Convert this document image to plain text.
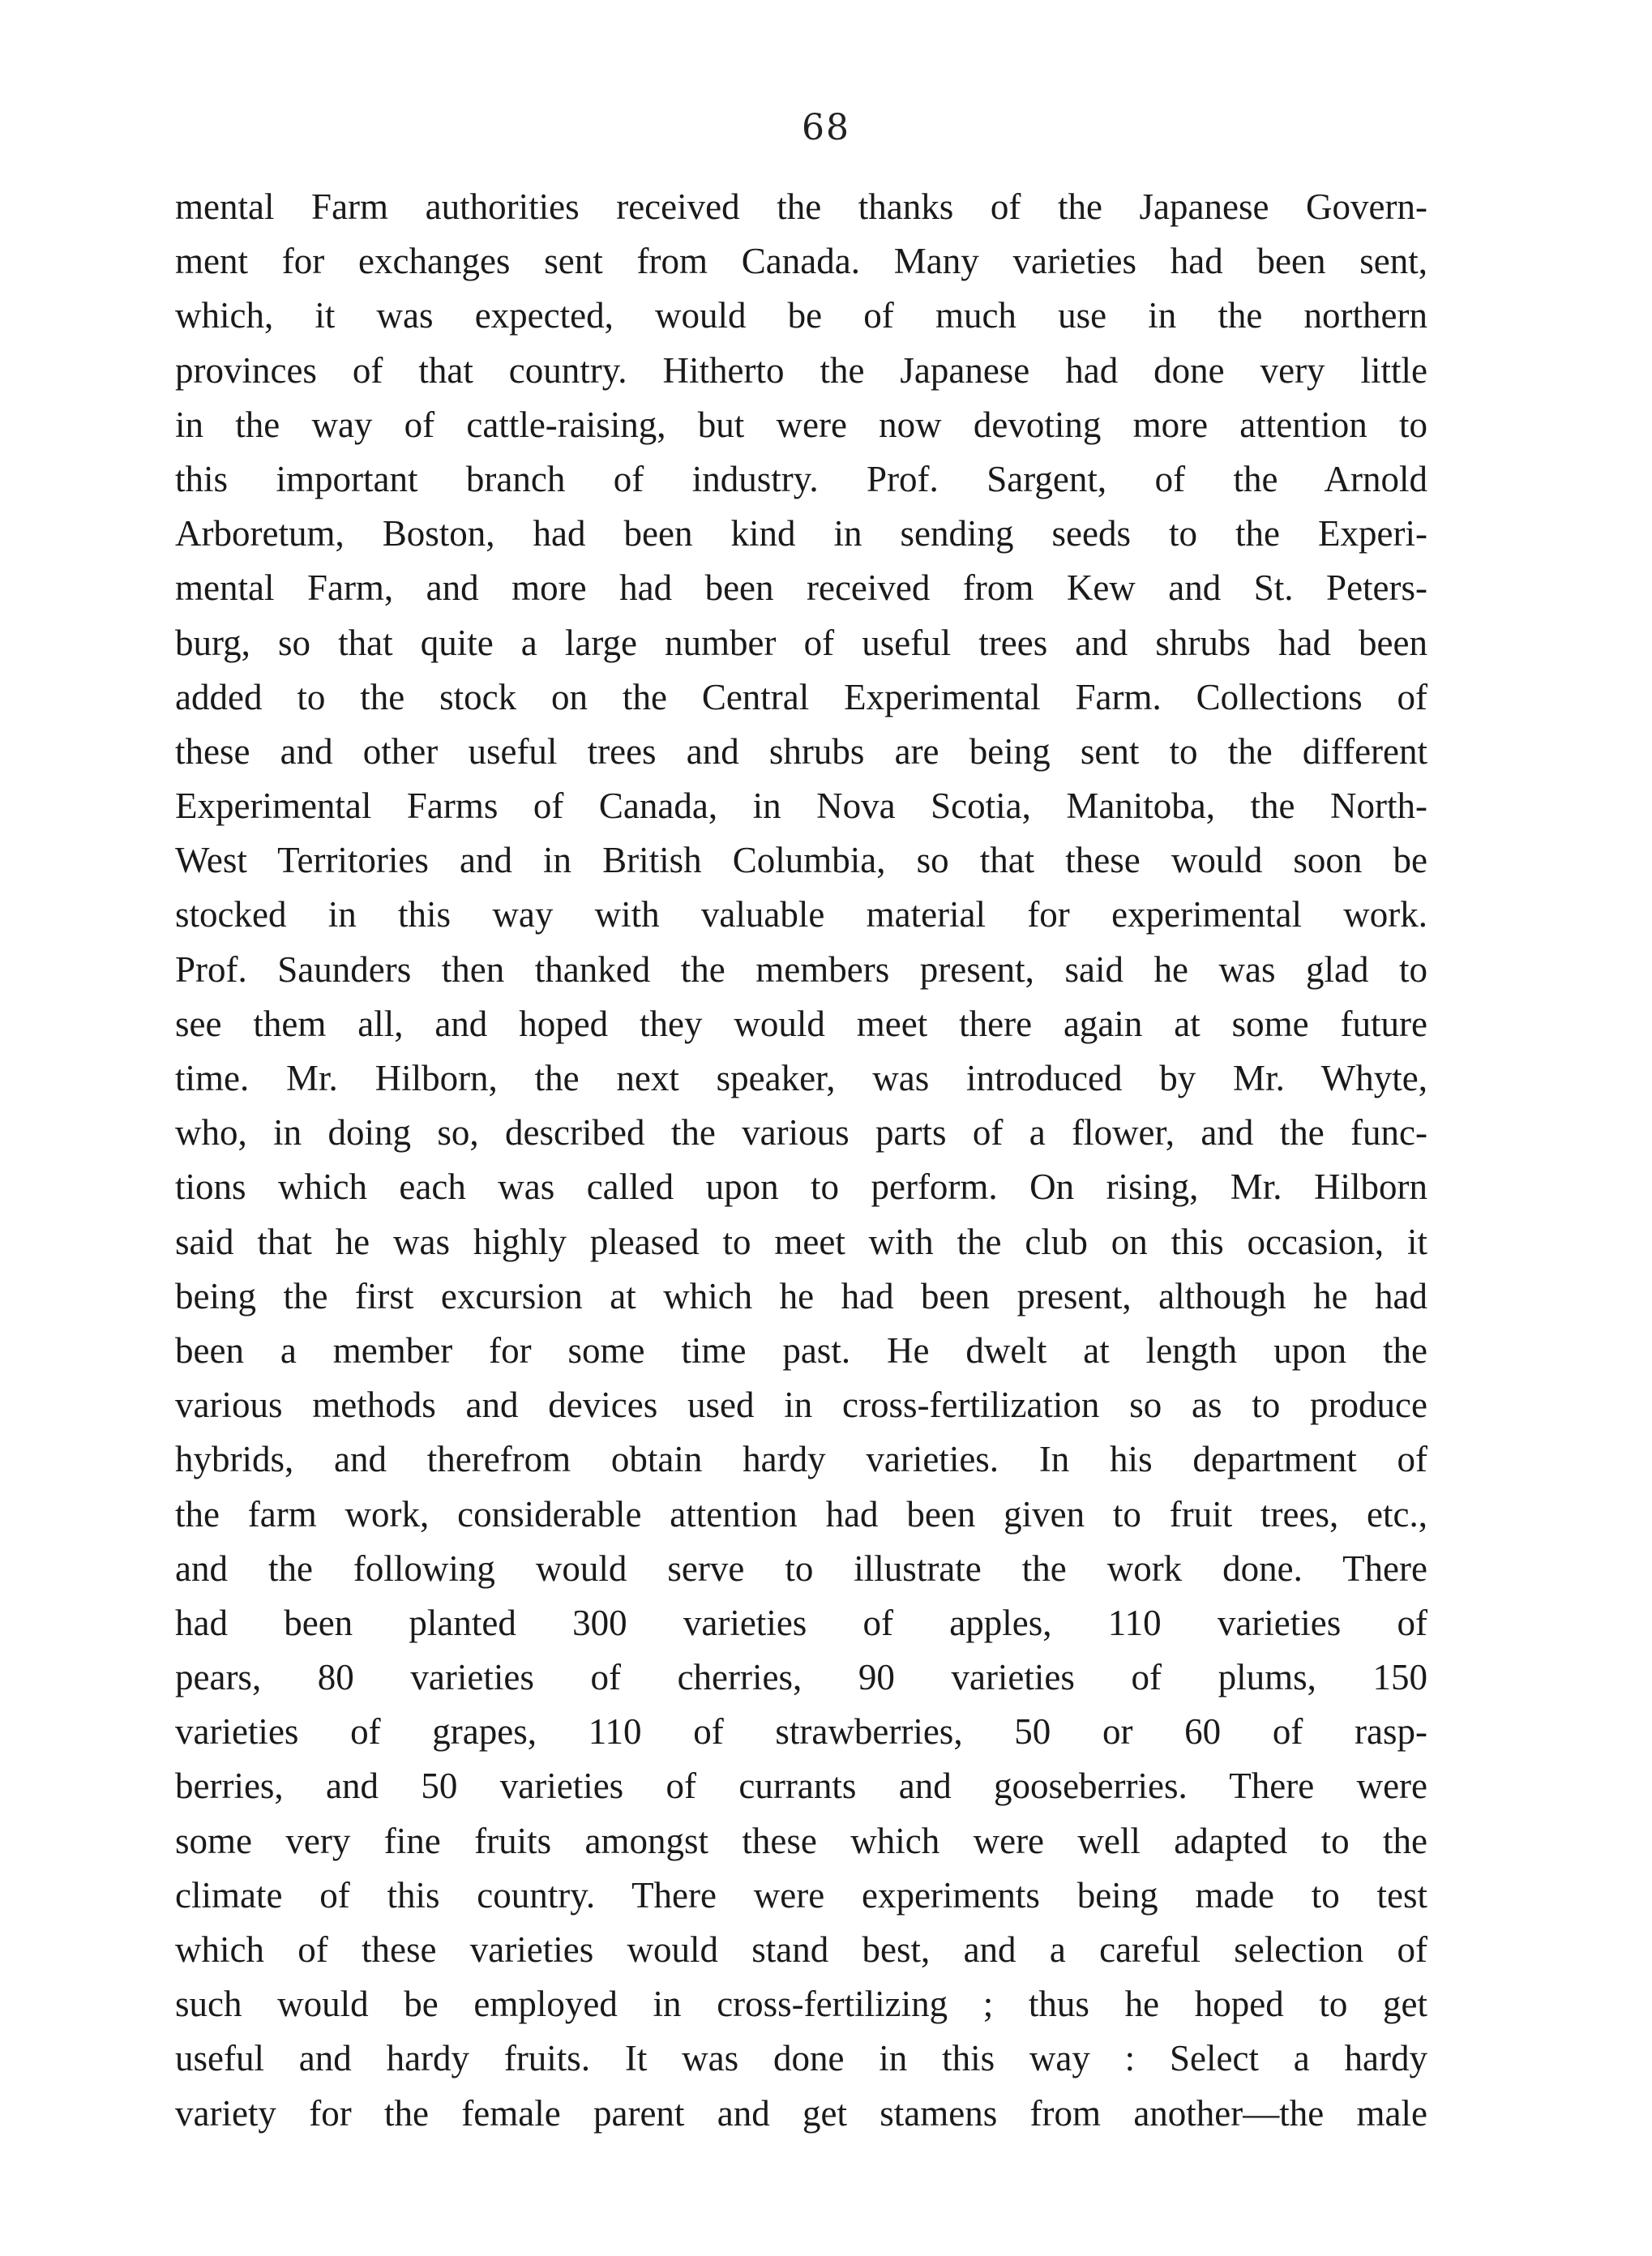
68
mental Farm authorities received the thanks of the Japanese Govern-
ment for exchanges sent from Canada. Many varieties had been sent,
which, it was expected, would be of much use in the northern
provinces of that country. Hitherto the Japanese had done very little
in the way of cattle-raising, but were now devoting more attention to
this important branch of industry. Prof. Sargent, of the Arnold
Arboretum, Boston, had been kind in sending seeds to the Experi-
mental Farm, and more had been received from Kew and St. Peters-
burg, so that quite a large number of useful trees and shrubs had been
added to the stock on the Central Experimental Farm. Collections of
these and other useful trees and shrubs are being sent to the different
Experimental Farms of Canada, in Nova Scotia, Manitoba, the North-
West Territories and in British Columbia, so that these would soon be
stocked in this way with valuable material for experimental work.
Prof. Saunders then thanked the members present, said he was glad to
see them all, and hoped they would meet there again at some future
time. Mr. Hilborn, the next speaker, was introduced by Mr. Whyte,
who, in doing so, described the various parts of a flower, and the func-
tions which each was called upon to perform. On rising, Mr. Hilborn
said that he was highly pleased to meet with the club on this occasion, it
being the first excursion at which he had been present, although he had
been a member for some time past. He dwelt at length upon the
various methods and devices used in cross-fertilization so as to produce
hybrids, and therefrom obtain hardy varieties. In his department of
the farm work, considerable attention had been given to fruit trees, etc.,
and the following would serve to illustrate the work done. There
had been planted 300 varieties of apples, 110 varieties of
pears, 80 varieties of cherries, 90 varieties of plums, 150
varieties of grapes, 110 of strawberries, 50 or 60 of rasp-
berries, and 50 varieties of currants and gooseberries. There were
some very fine fruits amongst these which were well adapted to the
climate of this country. There were experiments being made to test
which of these varieties would stand best, and a careful selection of
such would be employed in cross-fertilizing ; thus he hoped to get
useful and hardy fruits. It was done in this way : Select a hardy
variety for the female parent and get stamens from another—the male
